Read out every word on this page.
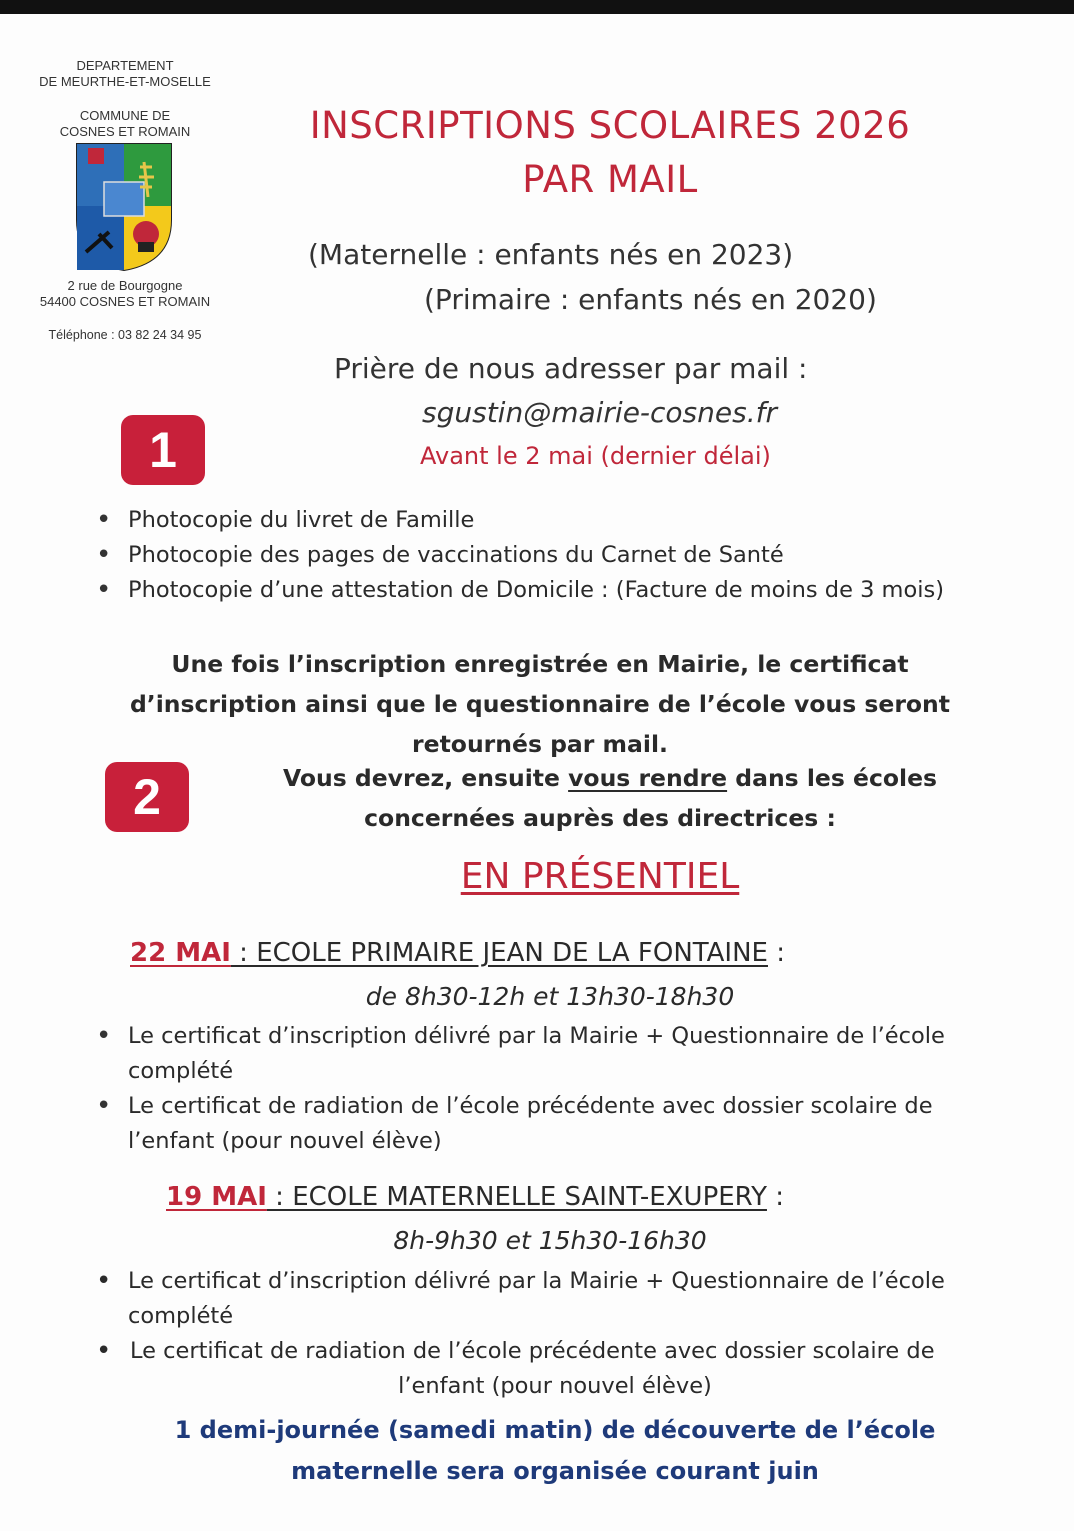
DEPARTEMENT
DE MEURTHE-ET-MOSELLE
COMMUNE DE
COSNES ET ROMAIN
2 rue de Bourgogne
54400 COSNES ET ROMAIN
Téléphone : 03 82 24 34 95
INSCRIPTIONS SCOLAIRES 2026
PAR MAIL
(Maternelle : enfants nés en 2023)
(Primaire : enfants nés en 2020)
Prière de nous adresser par mail :
sgustin@mairie-cosnes.fr
Avant le 2 mai (dernier délai)
1
• Photocopie du livret de Famille
• Photocopie des pages de vaccinations du Carnet de Santé
• Photocopie d’une attestation de Domicile : (Facture de moins de 3 mois)
Une fois l’inscription enregistrée en Mairie, le certificat
d’inscription ainsi que le questionnaire de l’école vous seront
retournés par mail.
2	Vous devrez, ensuite vous rendre dans les écoles
concernées auprès des directrices :
EN PRÉSENTIEL
22 MAI : ECOLE PRIMAIRE JEAN DE LA FONTAINE :
de 8h30-12h et 13h30-18h30
• Le certificat d’inscription délivré par la Mairie + Questionnaire de l’école complété
• Le certificat de radiation de l’école précédente avec dossier scolaire de l’enfant (pour nouvel élève)
19 MAI : ECOLE MATERNELLE SAINT-EXUPERY :
8h-9h30 et 15h30-16h30
• Le certificat d’inscription délivré par la Mairie + Questionnaire de l’école
complété
• Le certificat de radiation de l’école précédente avec dossier scolaire de
l’enfant (pour nouvel élève)
1 demi-journée (samedi matin) de découverte de l’école
maternelle sera organisée courant juin
